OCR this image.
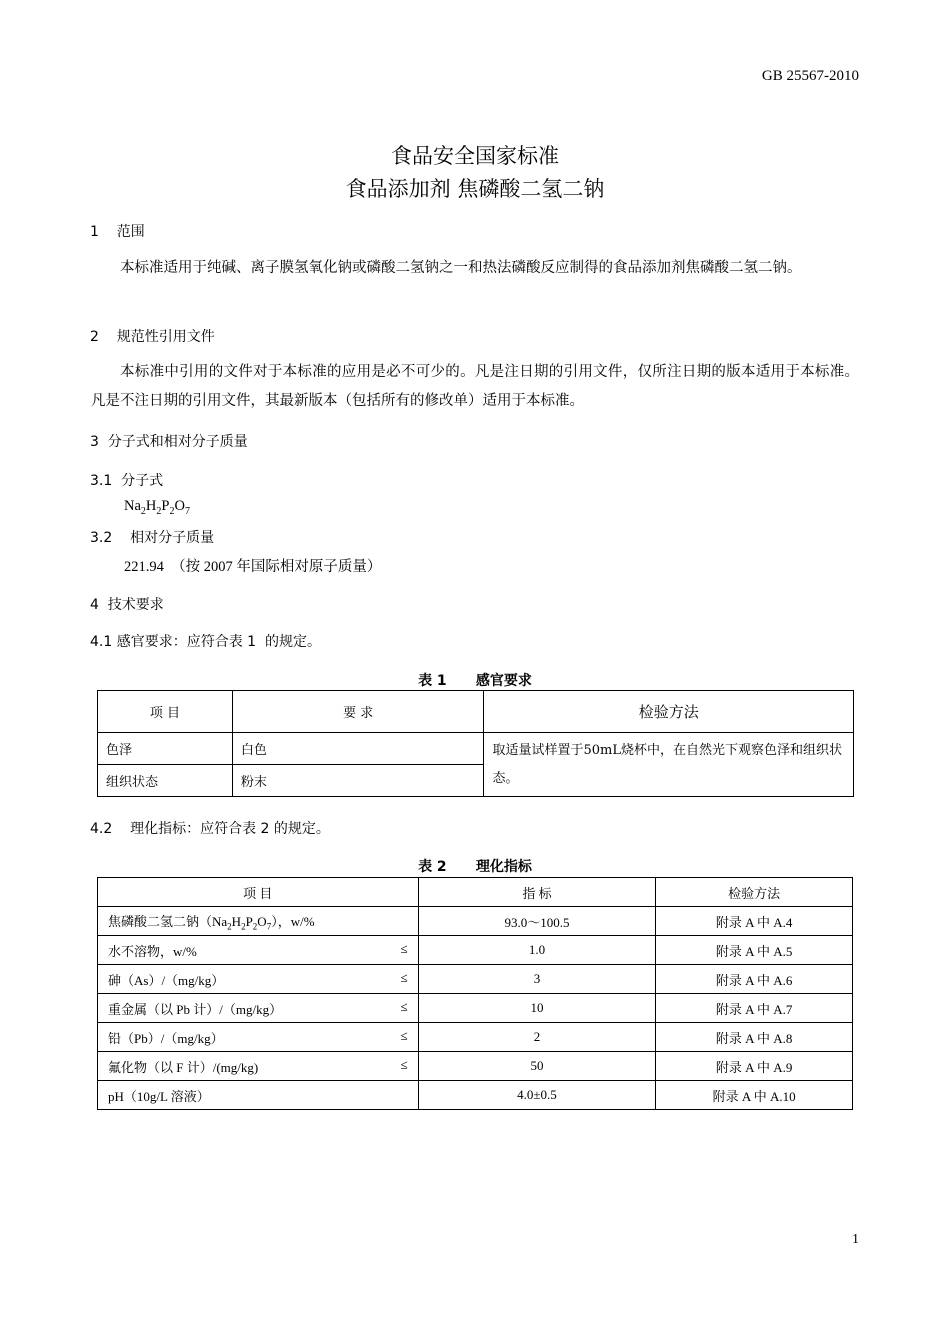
GB 25567-2010
食品安全国家标准
食品添加剂 焦磷酸二氢二钠
1    范围
本标准适用于纯碱、离子膜氢氧化钠或磷酸二氢钠之一和热法磷酸反应制得的食品添加剂焦磷酸二氢二钠。
2    规范性引用文件
本标准中引用的文件对于本标准的应用是必不可少的。凡是注日期的引用文件，仅所注日期的版本适用于本标准。凡是不注日期的引用文件，其最新版本（包括所有的修改单）适用于本标准。
3  分子式和相对分子质量
3.1  分子式
$Na_2H_2P_2O_7$
3.2    相对分子质量
221.94  （按 2007 年国际相对原子质量）
4  技术要求
4.1 感官要求：应符合表 1  的规定。
表 1      感官要求
项 目	要 求	检验方法
色泽	白色	取适量试样置于50mL烧杯中，在自然光下观察色泽和组织状态。
组织状态	粉末	
4.2    理化指标：应符合表 2 的规定。
表 2      理化指标
项 目	指 标	检验方法
焦磷酸二氢二钠$(Na_2H_2P_2O_7)$，w/%	93.0～100.5	附录 A 中 A.4
水不溶物，w/% ≤	1.0	附录 A 中 A.5
砷（As）/（mg/kg） ≤	3	附录 A 中 A.6
重金属（以 Pb 计）/（mg/kg） ≤	10	附录 A 中 A.7
铅（Pb）/（mg/kg） ≤	2	附录 A 中 A.8
氟化物（以 F 计）/(mg/kg) ≤	50	附录 A 中 A.9
pH（10g/L 溶液）	4.0±0.5	附录 A 中 A.10
1
